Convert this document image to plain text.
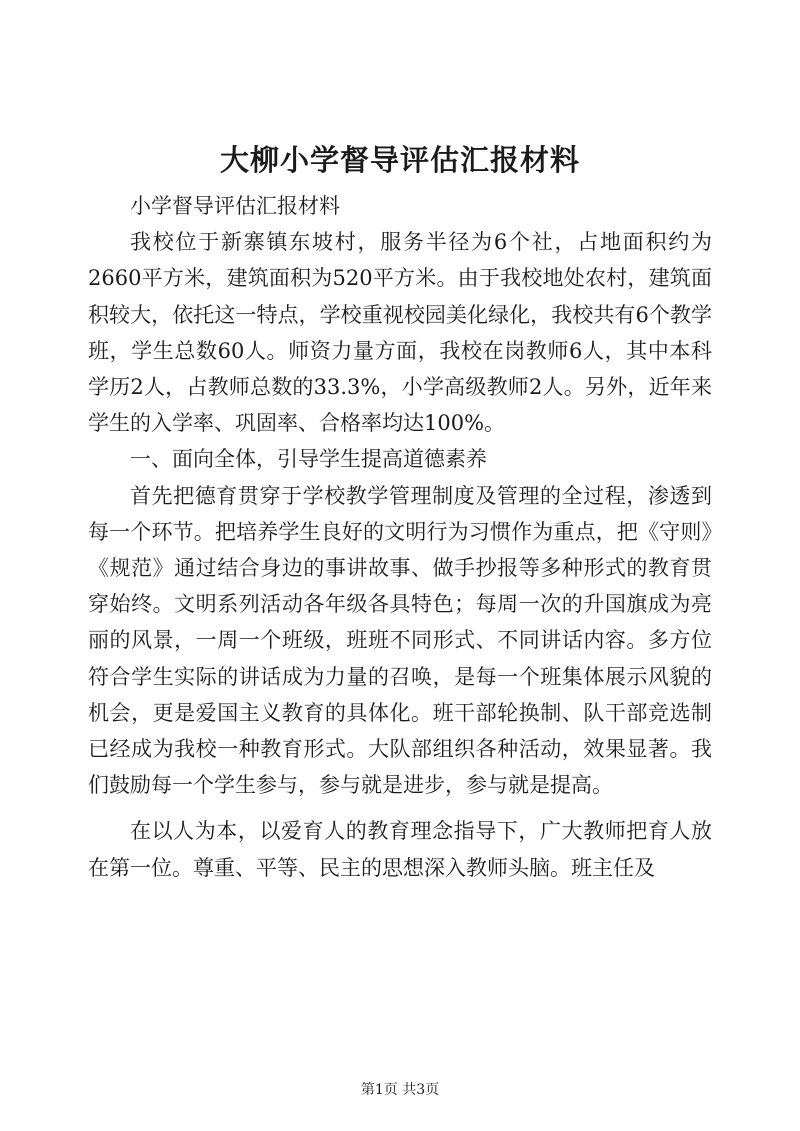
大柳小学督导评估汇报材料

小学督导评估汇报材料

我校位于新寨镇东坡村，服务半径为6个社，占地面积约为2660平方米，建筑面积为520平方米。由于我校地处农村，建筑面积较大，依托这一特点，学校重视校园美化绿化，我校共有6个教学班，学生总数60人。师资力量方面，我校在岗教师6人，其中本科学历2人，占教师总数的33.3%，小学高级教师2人。另外，近年来学生的入学率、巩固率、合格率均达100%。

一、面向全体，引导学生提高道德素养

首先把德育贯穿于学校教学管理制度及管理的全过程，渗透到每一个环节。把培养学生良好的文明行为习惯作为重点，把《守则》《规范》通过结合身边的事讲故事、做手抄报等多种形式的教育贯穿始终。文明系列活动各年级各具特色；每周一次的升国旗成为亮丽的风景，一周一个班级，班班不同形式、不同讲话内容。多方位符合学生实际的讲话成为力量的召唤，是每一个班集体展示风貌的机会，更是爱国主义教育的具体化。班干部轮换制、队干部竞选制已经成为我校一种教育形式。大队部组织各种活动，效果显著。我们鼓励每一个学生参与，参与就是进步，参与就是提高。

在以人为本，以爱育人的教育理念指导下，广大教师把育人放在第一位。尊重、平等、民主的思想深入教师头脑。班主任及

第1页 共3页
